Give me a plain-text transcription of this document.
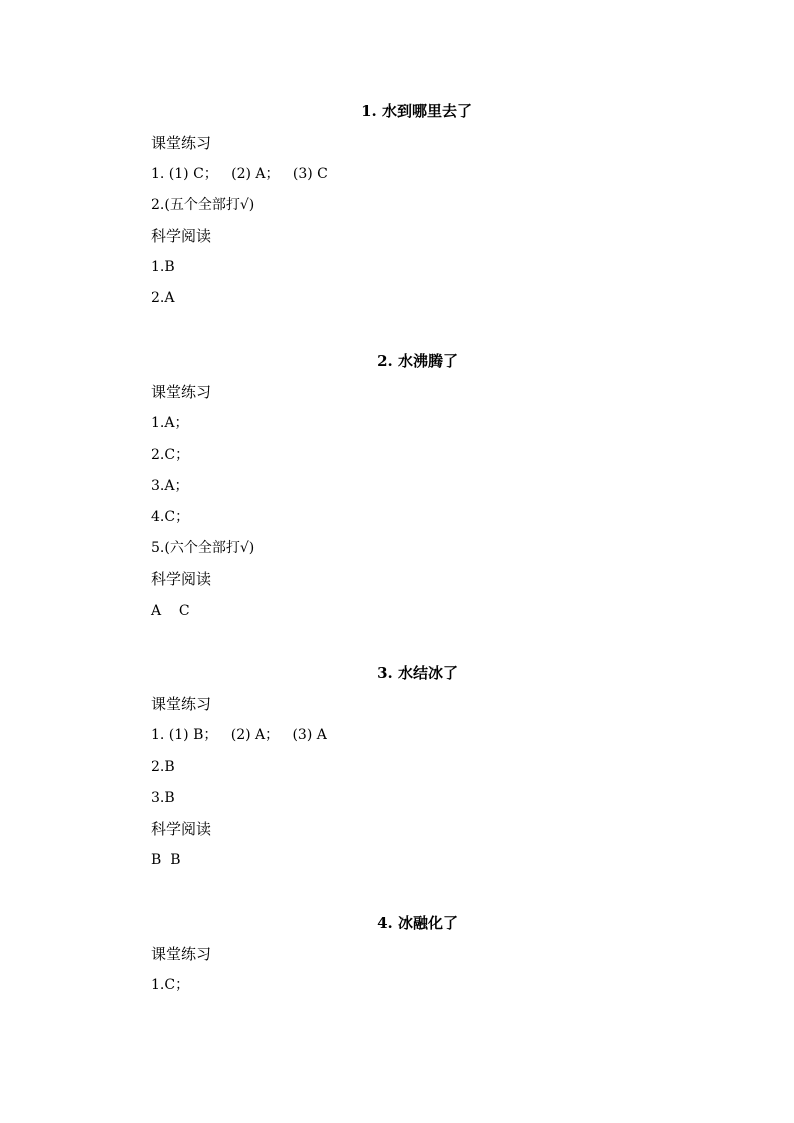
1. 水到哪里去了
课堂练习
1. (1) C；   (2) A；   (3) C
2.(五个全部打√)
科学阅读
1.B
2.A
2. 水沸腾了
课堂练习
1.A；
2.C；
3.A；
4.C；
5.(六个全部打√)
科学阅读
A    C
3. 水结冰了
课堂练习
1. (1) B；   (2) A；   (3) A
2.B
3.B
科学阅读
B  B
4. 冰融化了
课堂练习
1.C；
